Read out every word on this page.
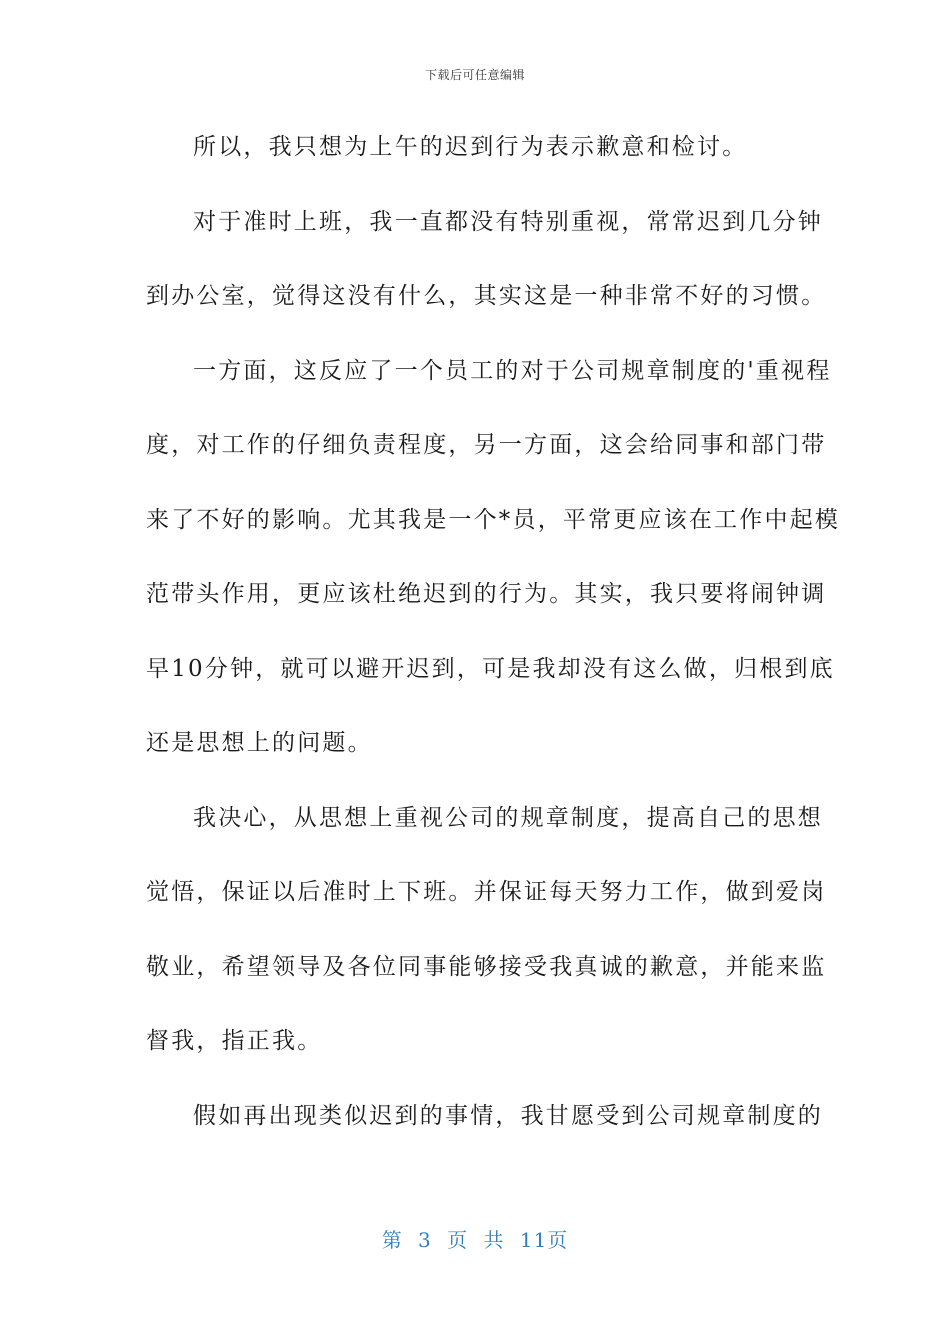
下载后可任意编辑
所以，我只想为上午的迟到行为表示歉意和检讨。
对于准时上班，我一直都没有特别重视，常常迟到几分钟
到办公室，觉得这没有什么，其实这是一种非常不好的习惯。
一方面，这反应了一个员工的对于公司规章制度的'重视程
度，对工作的仔细负责程度，另一方面，这会给同事和部门带
来了不好的影响。尤其我是一个*员，平常更应该在工作中起模
范带头作用，更应该杜绝迟到的行为。其实，我只要将闹钟调
早10分钟，就可以避开迟到，可是我却没有这么做，归根到底
还是思想上的问题。
我决心，从思想上重视公司的规章制度，提高自己的思想
觉悟，保证以后准时上下班。并保证每天努力工作，做到爱岗
敬业，希望领导及各位同事能够接受我真诚的歉意，并能来监
督我，指正我。
假如再出现类似迟到的事情，我甘愿受到公司规章制度的
第 3 页 共 11页
